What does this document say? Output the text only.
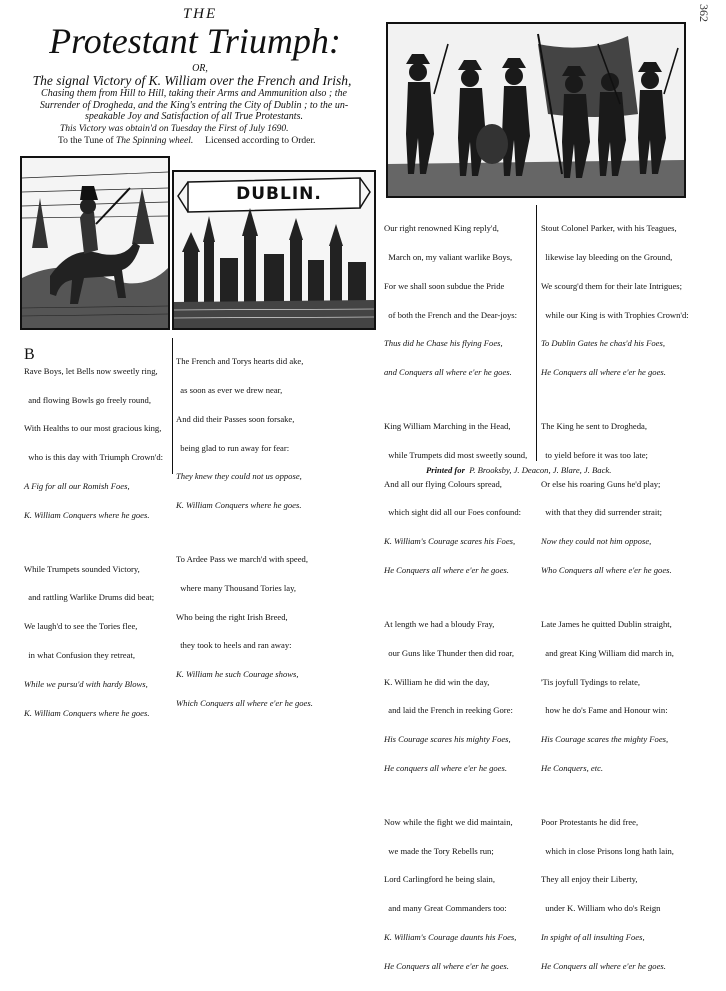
THE
Protestant Triumph:
OR,
The signal Victory of K. William over the French and Irish,
Chasing them from Hill to Hill, taking their Arms and Ammunition also ; the
Surrender of Drogheda, and the King's entring the City of Dublin ; to the un-
speakable Joy and Satisfaction of all True Protestants.
This Victory was obtain'd on Tuesday the First of July 1690.
To the Tune of The Spinning wheel. Licensed according to Order.
362
DUBLIN.

B

Rave Boys, let Bells now sweetly ring,

and flowing Bowls go freely round,

With Healths to our most gracious king,

who is this day with Triumph Crown'd:

A Fig for all our Romish Foes,

K. William Conquers where he goes.

While Trumpets sounded Victory,

and rattling Warlike Drums did beat;

We laugh'd to see the Tories flee,

in what Confusion they retreat,

While we pursu'd with hardy Blows,

K. William Conquers where he goes.

The French and Torys hearts did ake,

as soon as ever we drew near,

And did their Passes soon forsake,

being glad to run away for fear:

They knew they could not us oppose,

K. William Conquers where he goes.

To Ardee Pass we march'd with speed,

where many Thousand Tories lay,

Who being the right Irish Breed,

they took to heels and ran away:

K. William he such Courage shows,

Which Conquers all where e'er he goes.

Our right renowned King reply'd,

March on, my valiant warlike Boys,

For we shall soon subdue the Pride

of both the French and the Dear-joys:

Thus did he Chase his flying Foes,

and Conquers all where e'er he goes.

King William Marching in the Head,

while Trumpets did most sweetly sound,

And all our flying Colours spread,

which sight did all our Foes confound:

K. William's Courage scares his Foes,

He Conquers all where e'er he goes.

At length we had a bloudy Fray,

our Guns like Thunder then did roar,

K. William he did win the day,

and laid the French in reeking Gore:

His Courage scares his mighty Foes,

He conquers all where e'er he goes.

Now while the fight we did maintain,

we made the Tory Rebells run;

Lord Carlingford he being slain,

and many Great Commanders too:

K. William's Courage daunts his Foes,

He Conquers all where e'er he goes.

Stout Colonel Parker, with his Teagues,

likewise lay bleeding on the Ground,

We scourg'd them for their late Intrigues;

while our King is with Trophies Crown'd:

To Dublin Gates he chas'd his Foes,

He Conquers all where e'er he goes.

The King he sent to Drogheda,

to yield before it was too late;

Or else his roaring Guns he'd play;

with that they did surrender strait;

Now they could not him oppose,

Who Conquers all where e'er he goes.

Late James he quitted Dublin straight,

and great King William did march in,

'Tis joyfull Tydings to relate,

how he do's Fame and Honour win:

His Courage scares the mighty Foes,

He Conquers, etc.

Poor Protestants he did free,

which in close Prisons long hath lain,

They all enjoy their Liberty,

under K. William who do's Reign

In spight of all insulting Foes,

He Conquers all where e'er he goes.

Printed for P. Brooksby, J. Deacon, J. Blare, J. Back.
